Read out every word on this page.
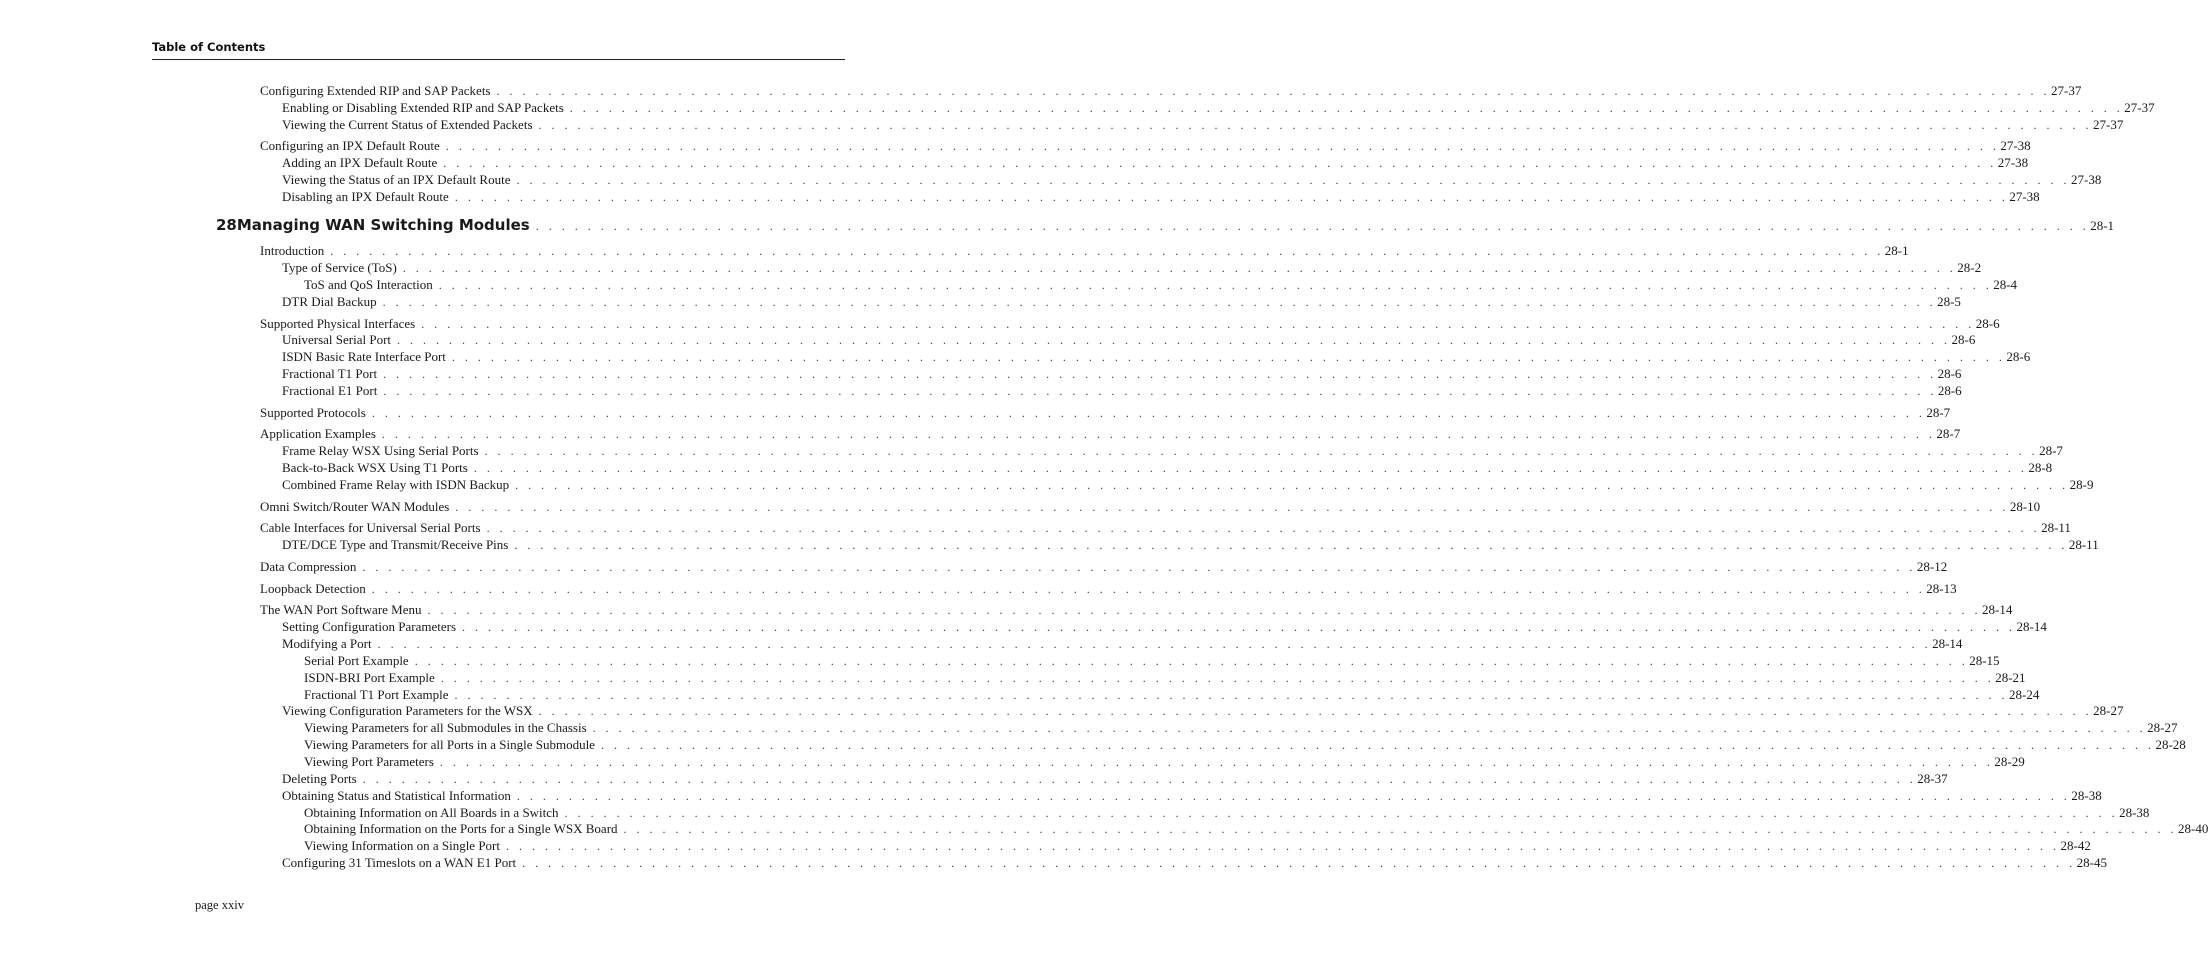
Table of Contents
Configuring Extended RIP and SAP Packets . . . . . . . . . . . . . . . . . . . . . . . . . . . . . . . . . . . . . . . . . . . . . . . . . . . . . . . . . . . . . . . . . . . . . . . . . . . . . . . . . . . . . . . . . . . . . . . . . . . . . . . . . . . . . . . . . . . . . . . . 27-37
Enabling or Disabling Extended RIP and SAP Packets . . . . . . . . . . . . . . . . . . . . . . . . . . . . . . . . . . . . . . . . . . . . . . . . . . . . . . . . . . . . . . . . . . . . . . . . . . . . . . . . . . . . . . . . . . . . . . . . . . . . . . . . . . . . . . . . . . . . . . . . 27-37
Viewing the Current Status of Extended Packets . . . . . . . . . . . . . . . . . . . . . . . . . . . . . . . . . . . . . . . . . . . . . . . . . . . . . . . . . . . . . . . . . . . . . . . . . . . . . . . . . . . . . . . . . . . . . . . . . . . . . . . . . . . . . . . . . . . . . . . . 27-37
Configuring an IPX Default Route . . . . . . . . . . . . . . . . . . . . . . . . . . . . . . . . . . . . . . . . . . . . . . . . . . . . . . . . . . . . . . . . . . . . . . . . . . . . . . . . . . . . . . . . . . . . . . . . . . . . . . . . . . . . . . . . . . . . . . . . 27-38
Adding an IPX Default Route . . . . . . . . . . . . . . . . . . . . . . . . . . . . . . . . . . . . . . . . . . . . . . . . . . . . . . . . . . . . . . . . . . . . . . . . . . . . . . . . . . . . . . . . . . . . . . . . . . . . . . . . . . . . . . . . . . . . . . . . 27-38
Viewing the Status of an IPX Default Route . . . . . . . . . . . . . . . . . . . . . . . . . . . . . . . . . . . . . . . . . . . . . . . . . . . . . . . . . . . . . . . . . . . . . . . . . . . . . . . . . . . . . . . . . . . . . . . . . . . . . . . . . . . . . . . . . . . . . . . . 27-38
Disabling an IPX Default Route . . . . . . . . . . . . . . . . . . . . . . . . . . . . . . . . . . . . . . . . . . . . . . . . . . . . . . . . . . . . . . . . . . . . . . . . . . . . . . . . . . . . . . . . . . . . . . . . . . . . . . . . . . . . . . . . . . . . . . . . 27-38
28 Managing WAN Switching Modules . . . . . . . . . . . . . . . . . . . . . . . . . . . . . . . . . . . . . . . . . . . . . . . . . . . . . . . . . . . . . . . . . . . . . . . . . . . . . . . . . . . . . . . . . . . . . . . . . . . . . . . . . . . . . . . . . . . . . . . . 28-1
Introduction . . . . . . . . . . . . . . . . . . . . . . . . . . . . . . . . . . . . . . . . . . . . . . . . . . . . . . . . . . . . . . . . . . . . . . . . . . . . . . . . . . . . . . . . . . . . . . . . . . . . . . . . . . . . . . . . . . . . . . . . 28-1
Type of Service (ToS) . . . . . . . . . . . . . . . . . . . . . . . . . . . . . . . . . . . . . . . . . . . . . . . . . . . . . . . . . . . . . . . . . . . . . . . . . . . . . . . . . . . . . . . . . . . . . . . . . . . . . . . . . . . . . . . . . . . . . . . . 28-2
ToS and QoS Interaction . . . . . . . . . . . . . . . . . . . . . . . . . . . . . . . . . . . . . . . . . . . . . . . . . . . . . . . . . . . . . . . . . . . . . . . . . . . . . . . . . . . . . . . . . . . . . . . . . . . . . . . . . . . . . . . . . . . . . . . . 28-4
DTR Dial Backup . . . . . . . . . . . . . . . . . . . . . . . . . . . . . . . . . . . . . . . . . . . . . . . . . . . . . . . . . . . . . . . . . . . . . . . . . . . . . . . . . . . . . . . . . . . . . . . . . . . . . . . . . . . . . . . . . . . . . . . . 28-5
Supported Physical Interfaces . . . . . . . . . . . . . . . . . . . . . . . . . . . . . . . . . . . . . . . . . . . . . . . . . . . . . . . . . . . . . . . . . . . . . . . . . . . . . . . . . . . . . . . . . . . . . . . . . . . . . . . . . . . . . . . . . . . . . . . . 28-6
Universal Serial Port . . . . . . . . . . . . . . . . . . . . . . . . . . . . . . . . . . . . . . . . . . . . . . . . . . . . . . . . . . . . . . . . . . . . . . . . . . . . . . . . . . . . . . . . . . . . . . . . . . . . . . . . . . . . . . . . . . . . . . . . 28-6
ISDN Basic Rate Interface Port . . . . . . . . . . . . . . . . . . . . . . . . . . . . . . . . . . . . . . . . . . . . . . . . . . . . . . . . . . . . . . . . . . . . . . . . . . . . . . . . . . . . . . . . . . . . . . . . . . . . . . . . . . . . . . . . . . . . . . . . 28-6
Fractional T1 Port . . . . . . . . . . . . . . . . . . . . . . . . . . . . . . . . . . . . . . . . . . . . . . . . . . . . . . . . . . . . . . . . . . . . . . . . . . . . . . . . . . . . . . . . . . . . . . . . . . . . . . . . . . . . . . . . . . . . . . . . 28-6
Fractional E1 Port . . . . . . . . . . . . . . . . . . . . . . . . . . . . . . . . . . . . . . . . . . . . . . . . . . . . . . . . . . . . . . . . . . . . . . . . . . . . . . . . . . . . . . . . . . . . . . . . . . . . . . . . . . . . . . . . . . . . . . . . 28-6
Supported Protocols . . . . . . . . . . . . . . . . . . . . . . . . . . . . . . . . . . . . . . . . . . . . . . . . . . . . . . . . . . . . . . . . . . . . . . . . . . . . . . . . . . . . . . . . . . . . . . . . . . . . . . . . . . . . . . . . . . . . . . . . 28-7
Application Examples . . . . . . . . . . . . . . . . . . . . . . . . . . . . . . . . . . . . . . . . . . . . . . . . . . . . . . . . . . . . . . . . . . . . . . . . . . . . . . . . . . . . . . . . . . . . . . . . . . . . . . . . . . . . . . . . . . . . . . . . 28-7
Frame Relay WSX Using Serial Ports . . . . . . . . . . . . . . . . . . . . . . . . . . . . . . . . . . . . . . . . . . . . . . . . . . . . . . . . . . . . . . . . . . . . . . . . . . . . . . . . . . . . . . . . . . . . . . . . . . . . . . . . . . . . . . . . . . . . . . . . 28-7
Back-to-Back WSX Using T1 Ports . . . . . . . . . . . . . . . . . . . . . . . . . . . . . . . . . . . . . . . . . . . . . . . . . . . . . . . . . . . . . . . . . . . . . . . . . . . . . . . . . . . . . . . . . . . . . . . . . . . . . . . . . . . . . . . . . . . . . . . . 28-8
Combined Frame Relay with ISDN Backup . . . . . . . . . . . . . . . . . . . . . . . . . . . . . . . . . . . . . . . . . . . . . . . . . . . . . . . . . . . . . . . . . . . . . . . . . . . . . . . . . . . . . . . . . . . . . . . . . . . . . . . . . . . . . . . . . . . . . . . . 28-9
Omni Switch/Router WAN Modules . . . . . . . . . . . . . . . . . . . . . . . . . . . . . . . . . . . . . . . . . . . . . . . . . . . . . . . . . . . . . . . . . . . . . . . . . . . . . . . . . . . . . . . . . . . . . . . . . . . . . . . . . . . . . . . . . . . . . . . . 28-10
Cable Interfaces for Universal Serial Ports . . . . . . . . . . . . . . . . . . . . . . . . . . . . . . . . . . . . . . . . . . . . . . . . . . . . . . . . . . . . . . . . . . . . . . . . . . . . . . . . . . . . . . . . . . . . . . . . . . . . . . . . . . . . . . . . . . . . . . . . 28-11
DTE/DCE Type and Transmit/Receive Pins . . . . . . . . . . . . . . . . . . . . . . . . . . . . . . . . . . . . . . . . . . . . . . . . . . . . . . . . . . . . . . . . . . . . . . . . . . . . . . . . . . . . . . . . . . . . . . . . . . . . . . . . . . . . . . . . . . . . . . . . 28-11
Data Compression . . . . . . . . . . . . . . . . . . . . . . . . . . . . . . . . . . . . . . . . . . . . . . . . . . . . . . . . . . . . . . . . . . . . . . . . . . . . . . . . . . . . . . . . . . . . . . . . . . . . . . . . . . . . . . . . . . . . . . . . 28-12
Loopback Detection . . . . . . . . . . . . . . . . . . . . . . . . . . . . . . . . . . . . . . . . . . . . . . . . . . . . . . . . . . . . . . . . . . . . . . . . . . . . . . . . . . . . . . . . . . . . . . . . . . . . . . . . . . . . . . . . . . . . . . . . 28-13
The WAN Port Software Menu . . . . . . . . . . . . . . . . . . . . . . . . . . . . . . . . . . . . . . . . . . . . . . . . . . . . . . . . . . . . . . . . . . . . . . . . . . . . . . . . . . . . . . . . . . . . . . . . . . . . . . . . . . . . . . . . . . . . . . . . 28-14
Setting Configuration Parameters . . . . . . . . . . . . . . . . . . . . . . . . . . . . . . . . . . . . . . . . . . . . . . . . . . . . . . . . . . . . . . . . . . . . . . . . . . . . . . . . . . . . . . . . . . . . . . . . . . . . . . . . . . . . . . . . . . . . . . . . 28-14
Modifying a Port . . . . . . . . . . . . . . . . . . . . . . . . . . . . . . . . . . . . . . . . . . . . . . . . . . . . . . . . . . . . . . . . . . . . . . . . . . . . . . . . . . . . . . . . . . . . . . . . . . . . . . . . . . . . . . . . . . . . . . . . 28-14
Serial Port Example . . . . . . . . . . . . . . . . . . . . . . . . . . . . . . . . . . . . . . . . . . . . . . . . . . . . . . . . . . . . . . . . . . . . . . . . . . . . . . . . . . . . . . . . . . . . . . . . . . . . . . . . . . . . . . . . . . . . . . . . 28-15
ISDN-BRI Port Example . . . . . . . . . . . . . . . . . . . . . . . . . . . . . . . . . . . . . . . . . . . . . . . . . . . . . . . . . . . . . . . . . . . . . . . . . . . . . . . . . . . . . . . . . . . . . . . . . . . . . . . . . . . . . . . . . . . . . . . . 28-21
Fractional T1 Port Example . . . . . . . . . . . . . . . . . . . . . . . . . . . . . . . . . . . . . . . . . . . . . . . . . . . . . . . . . . . . . . . . . . . . . . . . . . . . . . . . . . . . . . . . . . . . . . . . . . . . . . . . . . . . . . . . . . . . . . . . 28-24
Viewing Configuration Parameters for the WSX . . . . . . . . . . . . . . . . . . . . . . . . . . . . . . . . . . . . . . . . . . . . . . . . . . . . . . . . . . . . . . . . . . . . . . . . . . . . . . . . . . . . . . . . . . . . . . . . . . . . . . . . . . . . . . . . . . . . . . . . 28-27
Viewing Parameters for all Submodules in the Chassis . . . . . . . . . . . . . . . . . . . . . . . . . . . . . . . . . . . . . . . . . . . . . . . . . . . . . . . . . . . . . . . . . . . . . . . . . . . . . . . . . . . . . . . . . . . . . . . . . . . . . . . . . . . . . . . . . . . . . . . . 28-27
Viewing Parameters for all Ports in a Single Submodule . . . . . . . . . . . . . . . . . . . . . . . . . . . . . . . . . . . . . . . . . . . . . . . . . . . . . . . . . . . . . . . . . . . . . . . . . . . . . . . . . . . . . . . . . . . . . . . . . . . . . . . . . . . . . . . . . . . . . . . . 28-28
Viewing Port Parameters . . . . . . . . . . . . . . . . . . . . . . . . . . . . . . . . . . . . . . . . . . . . . . . . . . . . . . . . . . . . . . . . . . . . . . . . . . . . . . . . . . . . . . . . . . . . . . . . . . . . . . . . . . . . . . . . . . . . . . . . 28-29
Deleting Ports . . . . . . . . . . . . . . . . . . . . . . . . . . . . . . . . . . . . . . . . . . . . . . . . . . . . . . . . . . . . . . . . . . . . . . . . . . . . . . . . . . . . . . . . . . . . . . . . . . . . . . . . . . . . . . . . . . . . . . . . 28-37
Obtaining Status and Statistical Information . . . . . . . . . . . . . . . . . . . . . . . . . . . . . . . . . . . . . . . . . . . . . . . . . . . . . . . . . . . . . . . . . . . . . . . . . . . . . . . . . . . . . . . . . . . . . . . . . . . . . . . . . . . . . . . . . . . . . . . . 28-38
Obtaining Information on All Boards in a Switch . . . . . . . . . . . . . . . . . . . . . . . . . . . . . . . . . . . . . . . . . . . . . . . . . . . . . . . . . . . . . . . . . . . . . . . . . . . . . . . . . . . . . . . . . . . . . . . . . . . . . . . . . . . . . . . . . . . . . . . . 28-38
Obtaining Information on the Ports for a Single WSX Board . . . . . . . . . . . . . . . . . . . . . . . . . . . . . . . . . . . . . . . . . . . . . . . . . . . . . . . . . . . . . . . . . . . . . . . . . . . . . . . . . . . . . . . . . . . . . . . . . . . . . . . . . . . . . . . . . . . . . . . . 28-40
Viewing Information on a Single Port . . . . . . . . . . . . . . . . . . . . . . . . . . . . . . . . . . . . . . . . . . . . . . . . . . . . . . . . . . . . . . . . . . . . . . . . . . . . . . . . . . . . . . . . . . . . . . . . . . . . . . . . . . . . . . . . . . . . . . . . 28-42
Configuring 31 Timeslots on a WAN E1 Port . . . . . . . . . . . . . . . . . . . . . . . . . . . . . . . . . . . . . . . . . . . . . . . . . . . . . . . . . . . . . . . . . . . . . . . . . . . . . . . . . . . . . . . . . . . . . . . . . . . . . . . . . . . . . . . . . . . . . . . . 28-45
page xxiv
